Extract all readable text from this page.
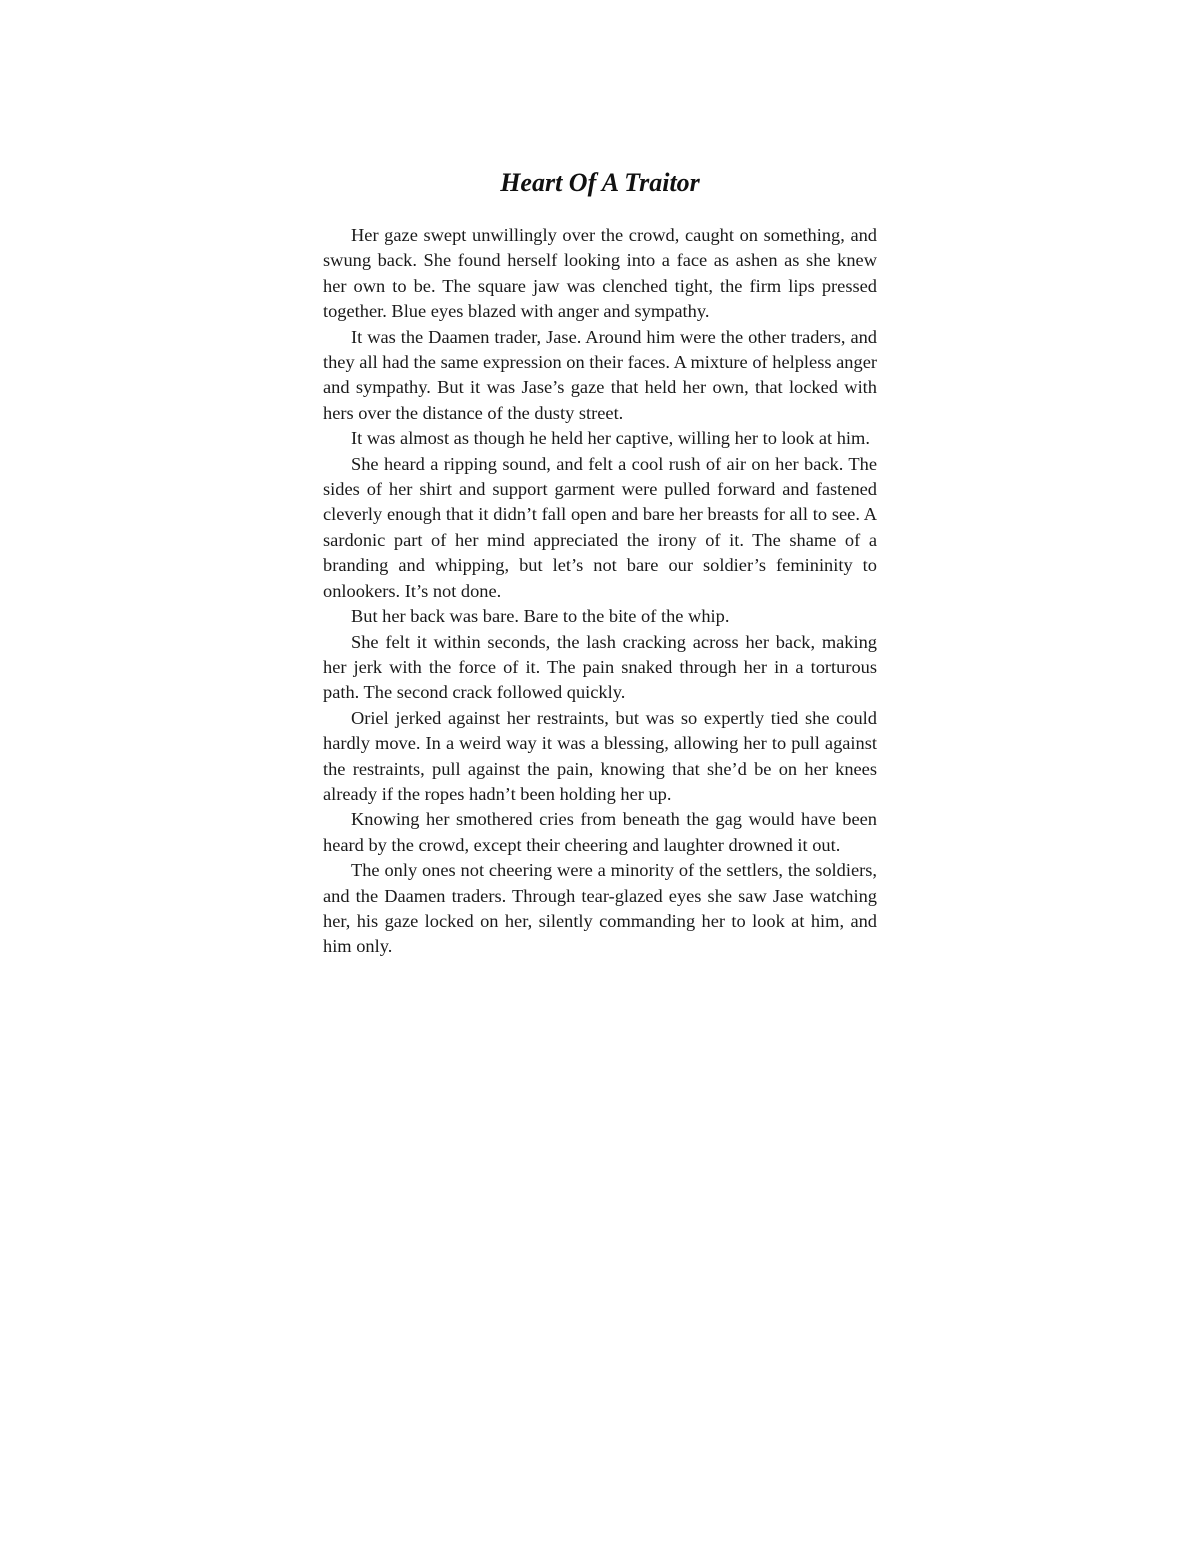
Heart Of A Traitor

Her gaze swept unwillingly over the crowd, caught on something, and swung back. She found herself looking into a face as ashen as she knew her own to be. The square jaw was clenched tight, the firm lips pressed together. Blue eyes blazed with anger and sympathy.

It was the Daamen trader, Jase. Around him were the other traders, and they all had the same expression on their faces. A mixture of helpless anger and sympathy. But it was Jase’s gaze that held her own, that locked with hers over the distance of the dusty street.

It was almost as though he held her captive, willing her to look at him.

She heard a ripping sound, and felt a cool rush of air on her back. The sides of her shirt and support garment were pulled forward and fastened cleverly enough that it didn’t fall open and bare her breasts for all to see. A sardonic part of her mind appreciated the irony of it. The shame of a branding and whipping, but let’s not bare our soldier’s femininity to onlookers. It’s not done.

But her back was bare. Bare to the bite of the whip.

She felt it within seconds, the lash cracking across her back, making her jerk with the force of it. The pain snaked through her in a torturous path. The second crack followed quickly.

Oriel jerked against her restraints, but was so expertly tied she could hardly move. In a weird way it was a blessing, allowing her to pull against the restraints, pull against the pain, knowing that she’d be on her knees already if the ropes hadn’t been holding her up.

Knowing her smothered cries from beneath the gag would have been heard by the crowd, except their cheering and laughter drowned it out.

The only ones not cheering were a minority of the settlers, the soldiers, and the Daamen traders. Through tear-glazed eyes she saw Jase watching her, his gaze locked on her, silently commanding her to look at him, and him only.
